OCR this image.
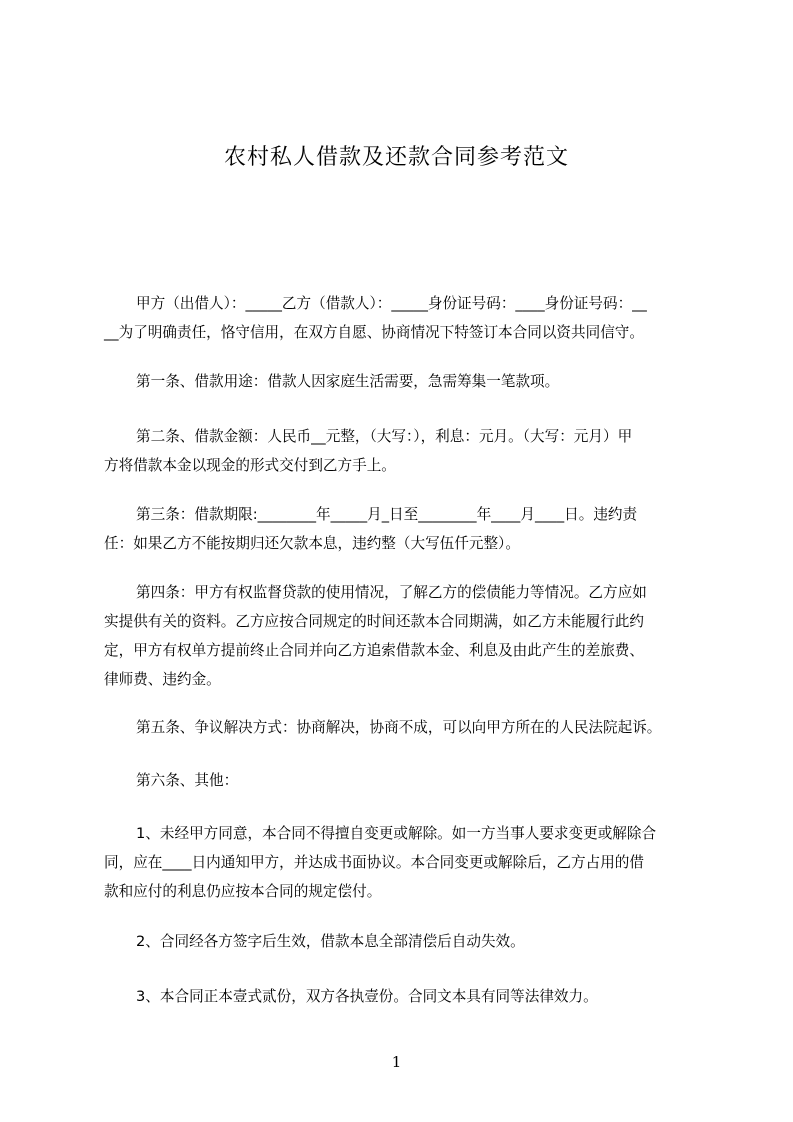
农村私人借款及还款合同参考范文
甲方（出借人）：_____乙方（借款人）：_____身份证号码：____身份证号码：__
__为了明确责任，恪守信用，在双方自愿、协商情况下特签订本合同以资共同信守。
第一条、借款用途：借款人因家庭生活需要，急需筹集一笔款项。
第二条、借款金额：人民币__元整，（大写：），利息：元月。（大写：元月）甲
方将借款本金以现金的形式交付到乙方手上。
第三条：借款期限:________年_____月_日至________年____月____日。违约责
任：如果乙方不能按期归还欠款本息，违约整（大写伍仟元整）。
第四条：甲方有权监督贷款的使用情况，了解乙方的偿债能力等情况。乙方应如
实提供有关的资料。乙方应按合同规定的时间还款本合同期满，如乙方未能履行此约
定，甲方有权单方提前终止合同并向乙方追索借款本金、利息及由此产生的差旅费、
律师费、违约金。
第五条、争议解决方式：协商解决，协商不成，可以向甲方所在的人民法院起诉。
第六条、其他：
1、未经甲方同意，本合同不得擅自变更或解除。如一方当事人要求变更或解除合
同，应在____日内通知甲方，并达成书面协议。本合同变更或解除后，乙方占用的借
款和应付的利息仍应按本合同的规定偿付。
2、合同经各方签字后生效，借款本息全部清偿后自动失效。
3、本合同正本壹式贰份，双方各执壹份。合同文本具有同等法律效力。
1
